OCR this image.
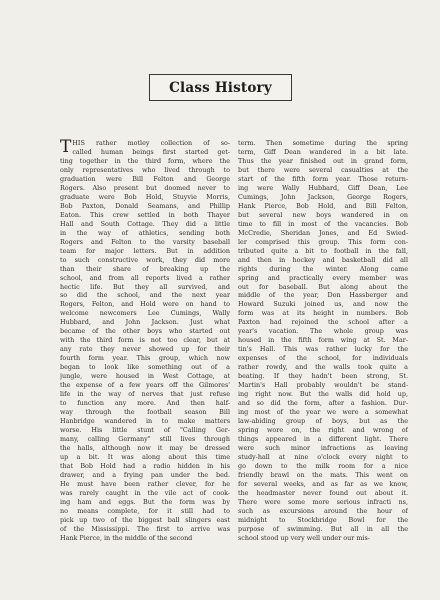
Class History
T HIS rather motley collection of so-
called human beings first started get-
ting together in the third form, where the
only representatives who lived through to
graduation were Bill Felton and George
Rogers. Also present but doomed never to
graduate were Bob Hold, Stuyvie Morris,
Bob Paxton, Donald Seamans, and Phillip
Eaton. This crew settled in both Thayer
Hall and South Cottage. They did a little
in the way of athletics, sending both
Rogers and Felton to the varsity baseball
team for major letters. But in addition
to such constructive work, they did more
than their share of breaking up the
school, and from all reports lived a rather
hectic life. But they all survived, and
so did the school, and the next year
Rogers, Felton, and Hold were on hand to
welcome newcomers Lee Cumings, Wally
Hubbard, and John Jackson. Just what
became of the other boys who started out
with the third form is not too clear, but at
any rate they never showed up for their
fourth form year. This group, which now
began to look like something out of a
jungle, were housed in West Cottage, at
the expense of a few years off the Gilmores'
life in the way of nerves that just refuse
to function any more. And then half-
way through the football season Bill
Hanbridge wandered in to make matters
worse. His little stunt of "Calling Ger-
many, calling Germany" still lives through
the halls, although now it may be dressed
up a bit. It was along about this time
that Bob Hold had a radio hidden in his
drawer, and a frying pan under the bed.
He must have been rather clever, for he
was rarely caught in the vile act of cook-
ing ham and eggs. But the form was by
no means complete, for it still had to
pick up two of the biggest ball slingers east
of the Mississippi. The first to arrive was
Hank Pierce, in the middle of the second
term. Then sometime during the spring
term, Giff Dean wandered in a bit late.
Thus the year finished out in grand form,
but there were several casualties at the
start of the fifth form year. Those return-
ing were Wally Hubbard, Giff Dean, Lee
Cumings, John Jackson, George Rogers,
Hank Pierce, Bob Hold, and Bill Felton,
but several new boys wandered in on
time to fill in most of the vacancies. Bob
McCredie, Sheridan Jones, and Ed Swied-
ler comprised this group. This form con-
tributed quite a bit to football in the fall,
and then in hockey and basketball did all
rights during the winter. Along came
spring and practically every member was
out for baseball. But along about the
middle of the year, Don Hassberger and
Howard Suzuki joined us, and now the
form was at its height in numbers. Bob
Paxton had rejoined the school after a
year's vacation. The whole group was
housed in the fifth form wing at St. Mar-
tin's Hall. This was rather lucky for the
expenses of the school, for individuals
rather rowdy, and the walls took quite a
beating. If they hadn't been strong, St.
Martin's Hall probably wouldn't be stand-
ing right now. But the walls did hold up,
and so did the form, after a fashion. Dur-
ing most of the year we were a somewhat
law-abiding group of boys, but as the
spring wore on, the right and wrong of
things appeared in a different light. There
were such minor infractions as leaving
study-hall at nine o'clock every night to
go down to the milk room for a nice
friendly brawl on the mats. This went on
for several weeks, and as far as we know,
the headmaster never found out about it.
There were some more serious infracti ns,
such as excursions around the hour of
midnight to Stockbridge Bowl for the
purpose of swimming. But all in all the
school stood up very well under our mis-
